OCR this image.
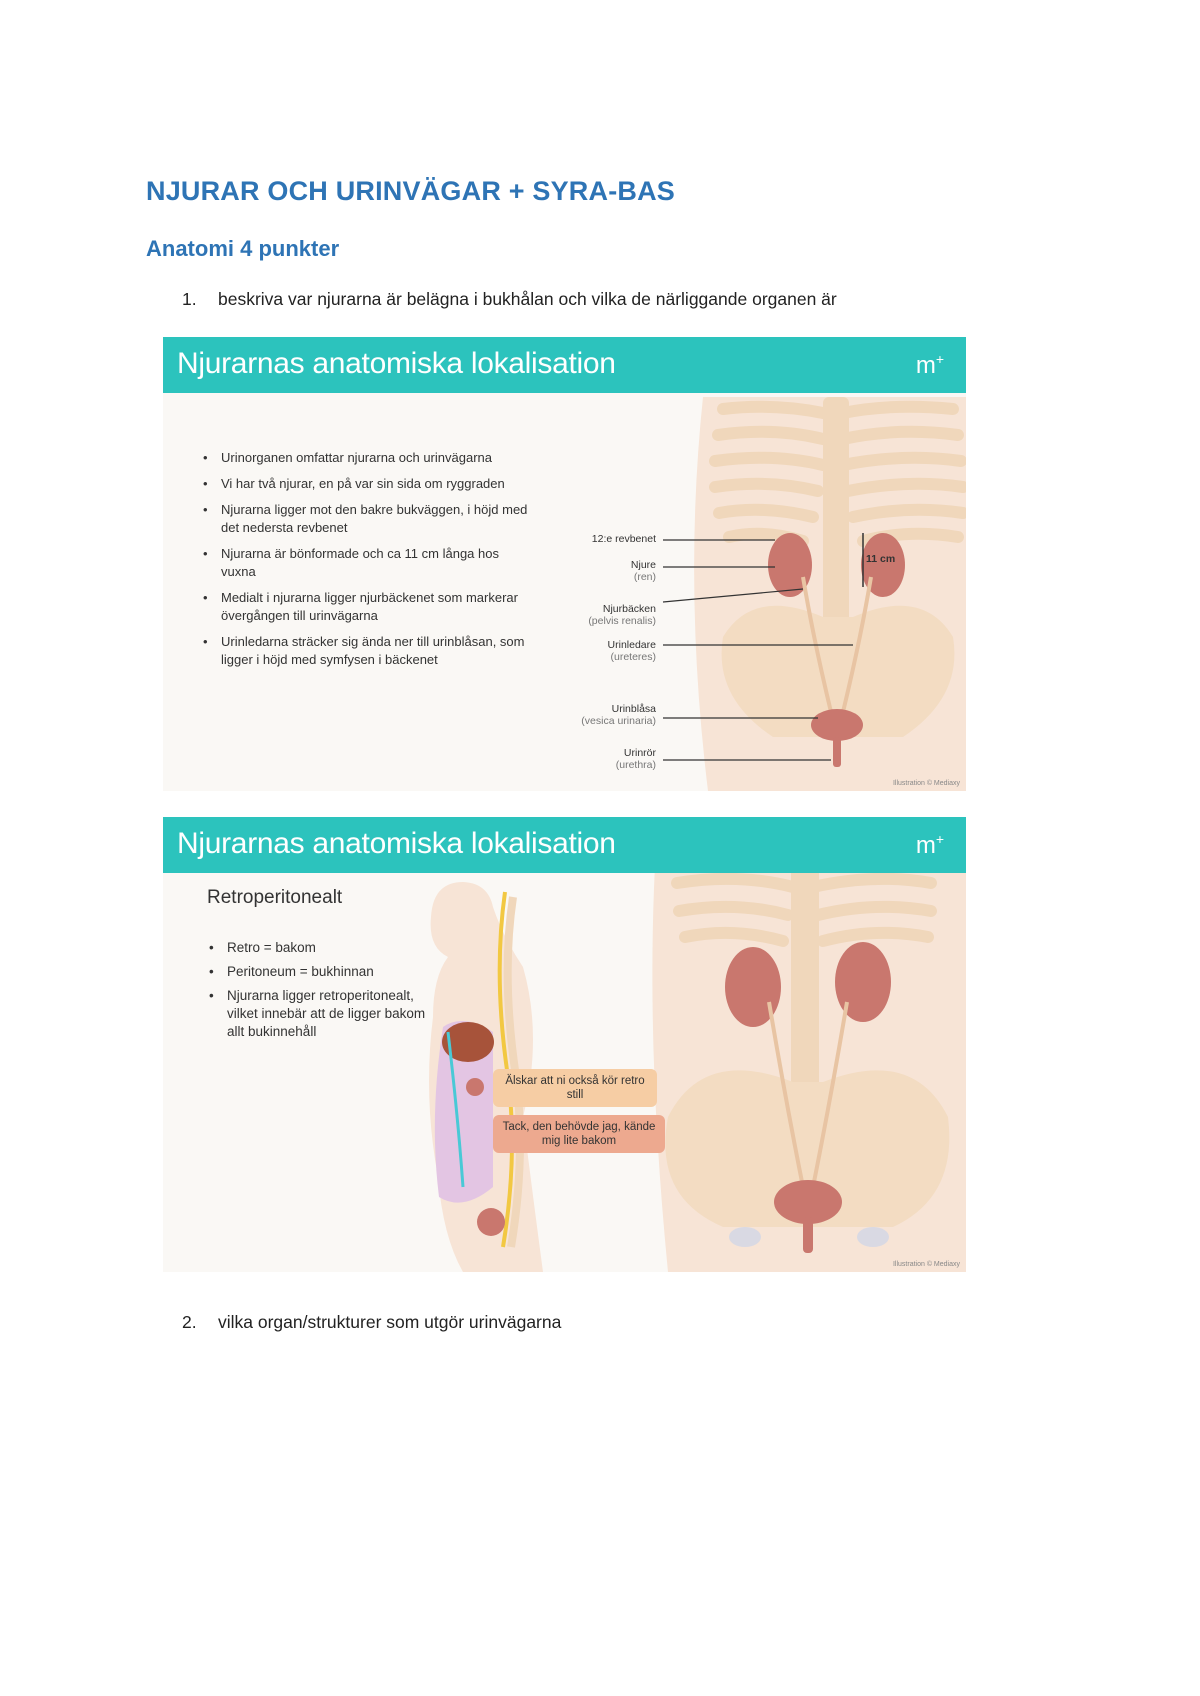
NJURAR OCH URINVÄGAR + SYRA-BAS
Anatomi 4 punkter
1. beskriva var njurarna är belägna i bukhålan och vilka de närliggande organen är
Njurarnas anatomiska lokalisation	m+
• Urinorganen omfattar njurarna och urinvägarna
• Vi har två njurar, en på var sin sida om ryggraden
• Njurarna ligger mot den bakre bukväggen, i höjd med det nedersta revbenet
• Njurarna är bönformade och ca 11 cm långa hos vuxna
• Medialt i njurarna ligger njurbäckenet som markerar övergången till urinvägarna
• Urinledarna sträcker sig ända ner till urinblåsan, som ligger i höjd med symfysen i bäckenet
12:e revbenet
Njure
(ren)
Njurbäcken
(pelvis renalis)
Urinledare
(ureteres)
Urinblåsa
(vesica urinaria)
Urinrör
(urethra)
11 cm
Illustration © Mediaxy
Njurarnas anatomiska lokalisation	m+
Retroperitonealt
• Retro = bakom
• Peritoneum = bukhinnan
• Njurarna ligger retroperitonealt, vilket innebär att de ligger bakom allt bukinnehåll
Älskar att ni också kör retro still
Tack, den behövde jag, kände mig lite bakom
Illustration © Mediaxy
2. vilka organ/strukturer som utgör urinvägarna
